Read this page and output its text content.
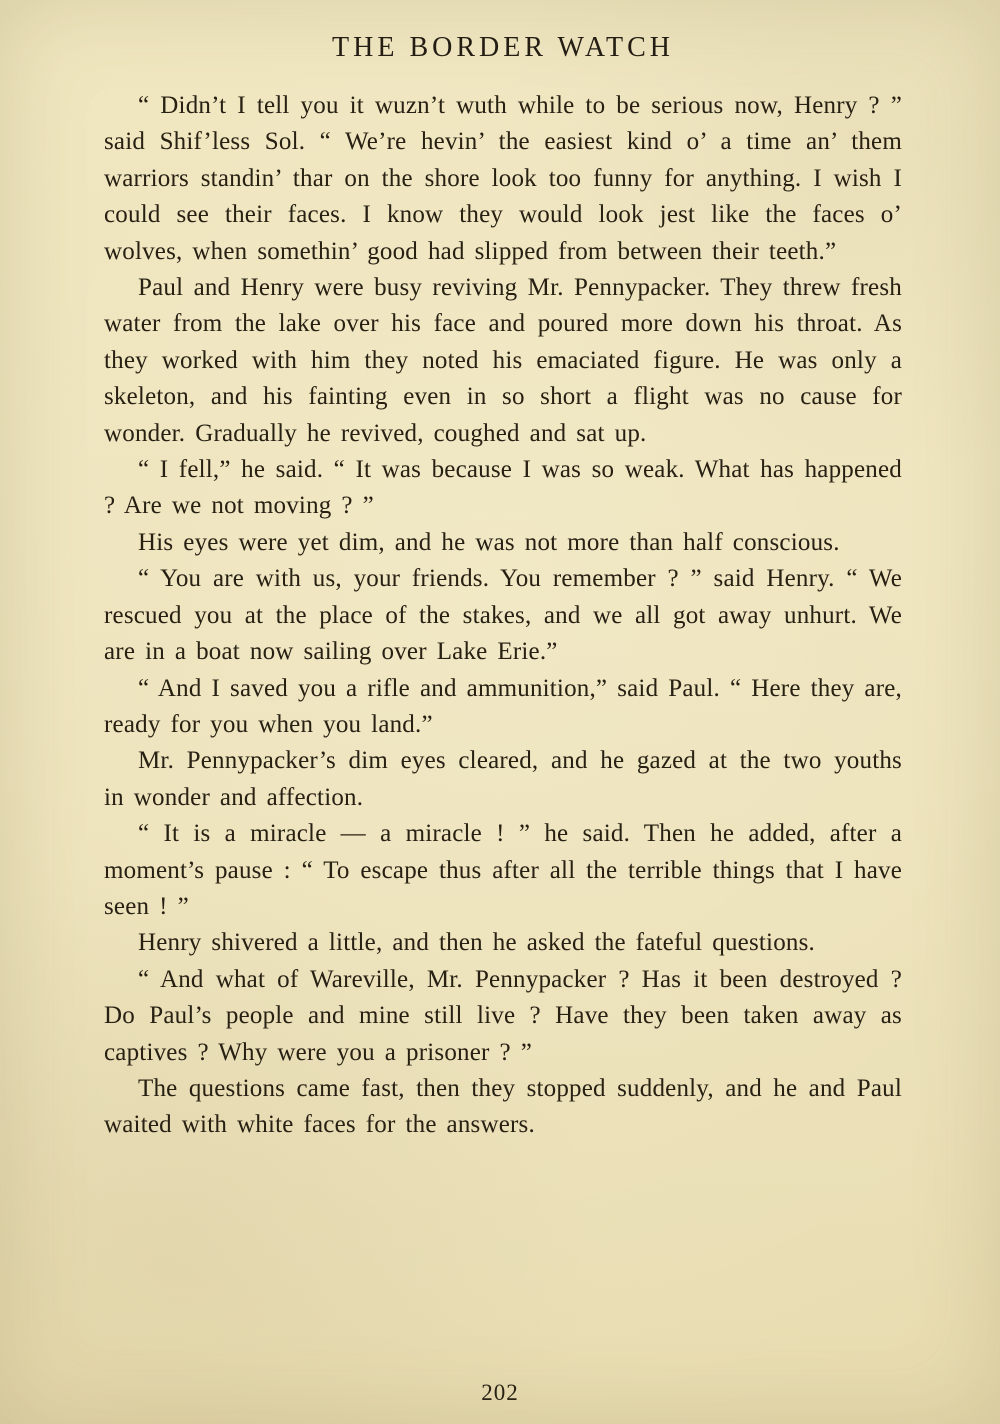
THE BORDER WATCH

“ Didn’t I tell you it wuzn’t wuth while to be serious now, Henry ? ” said Shif’less Sol. “ We’re hevin’ the easiest kind o’ a time an’ them warriors standin’ thar on the shore look too funny for anything. I wish I could see their faces. I know they would look jest like the faces o’ wolves, when somethin’ good had slipped from between their teeth.”

Paul and Henry were busy reviving Mr. Pennypacker. They threw fresh water from the lake over his face and poured more down his throat. As they worked with him they noted his emaciated figure. He was only a skeleton, and his fainting even in so short a flight was no cause for wonder. Gradually he revived, coughed and sat up.

“ I fell,” he said. “ It was because I was so weak. What has happened ? Are we not moving ? ”

His eyes were yet dim, and he was not more than half conscious.

“ You are with us, your friends. You remember ? ” said Henry. “ We rescued you at the place of the stakes, and we all got away unhurt. We are in a boat now sailing over Lake Erie.”

“ And I saved you a rifle and ammunition,” said Paul. “ Here they are, ready for you when you land.”

Mr. Pennypacker’s dim eyes cleared, and he gazed at the two youths in wonder and affection.

“ It is a miracle — a miracle ! ” he said. Then he added, after a moment’s pause : “ To escape thus after all the terrible things that I have seen ! ”

Henry shivered a little, and then he asked the fateful questions.

“ And what of Wareville, Mr. Pennypacker ? Has it been destroyed ? Do Paul’s people and mine still live ? Have they been taken away as captives ? Why were you a prisoner ? ”

The questions came fast, then they stopped suddenly, and he and Paul waited with white faces for the answers.

202
